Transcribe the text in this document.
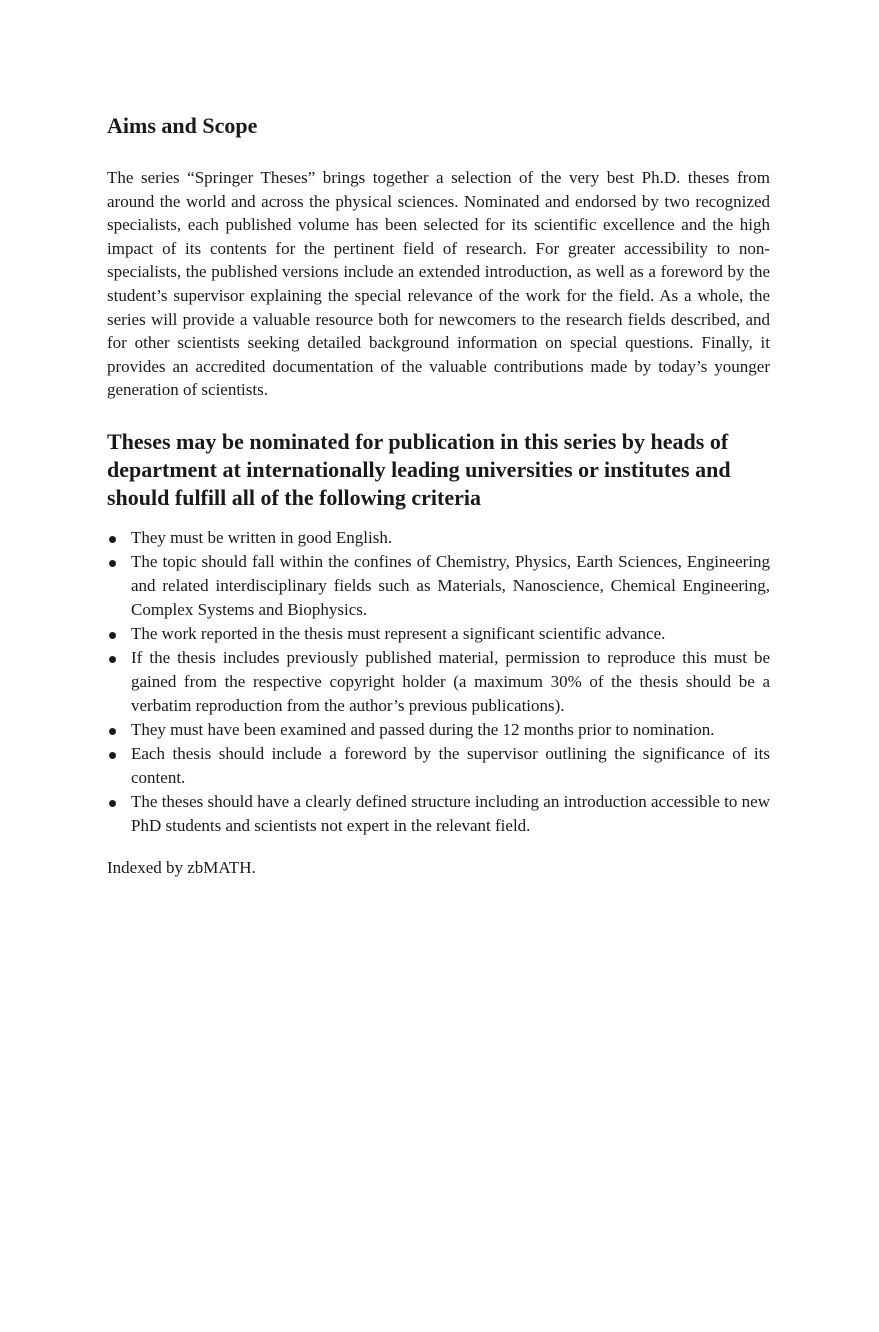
Aims and Scope

The series “Springer Theses” brings together a selection of the very best Ph.D. theses from around the world and across the physical sciences. Nominated and endorsed by two recognized specialists, each published volume has been selected for its scientific excellence and the high impact of its contents for the pertinent field of research. For greater accessibility to non-specialists, the published versions include an extended introduction, as well as a foreword by the student’s supervisor explaining the special relevance of the work for the field. As a whole, the series will provide a valuable resource both for newcomers to the research fields described, and for other scientists seeking detailed background information on special questions. Finally, it provides an accredited documentation of the valuable contributions made by today’s younger generation of scientists.

Theses may be nominated for publication in this series by heads of department at internationally leading universities or institutes and should fulfill all of the following criteria
They must be written in good English.
The topic should fall within the confines of Chemistry, Physics, Earth Sciences, Engineering and related interdisciplinary fields such as Materials, Nanoscience, Chemical Engineering, Complex Systems and Biophysics.
The work reported in the thesis must represent a significant scientific advance.
If the thesis includes previously published material, permission to reproduce this must be gained from the respective copyright holder (a maximum 30% of the thesis should be a verbatim reproduction from the author’s previous publications).
They must have been examined and passed during the 12 months prior to nomination.
Each thesis should include a foreword by the supervisor outlining the significance of its content.
The theses should have a clearly defined structure including an introduction accessible to new PhD students and scientists not expert in the relevant field.

Indexed by zbMATH.
